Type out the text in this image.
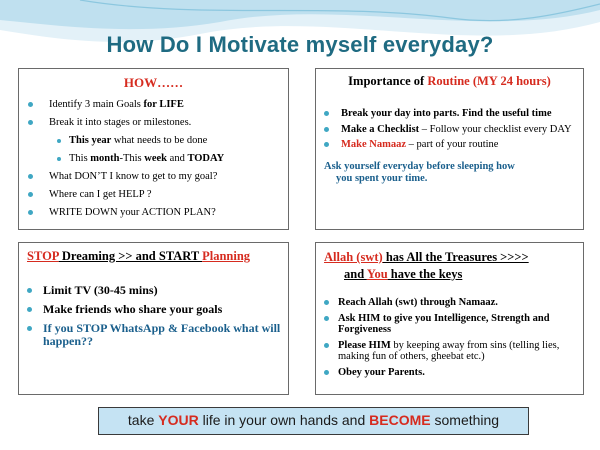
How Do I Motivate myself everyday?
HOW……
Identify 3 main Goals for LIFE
Break it into stages or milestones.
This year what needs to be done
This month-This week and TODAY
What DON’T I know to get to my goal?
Where can I get HELP ?
WRITE DOWN your ACTION PLAN?
Importance of Routine (MY 24 hours)
Break your day into parts. Find the useful time
Make a Checklist – Follow your checklist every DAY
Make Namaaz – part of your routine
Ask yourself everyday before sleeping how
you spent your time.
STOP Dreaming >> and START Planning
Limit TV (30-45 mins)
Make friends who share your goals
If you STOP WhatsApp & Facebook what will happen??
Allah (swt) has All the Treasures >>>>
and You have the keys
Reach Allah (swt) through Namaaz.
Ask HIM to give you Intelligence, Strength and Forgiveness
Please HIM by keeping away from sins (telling lies, making fun of others, gheebat etc.)
Obey your Parents.
take YOUR life in your own hands and BECOME something
